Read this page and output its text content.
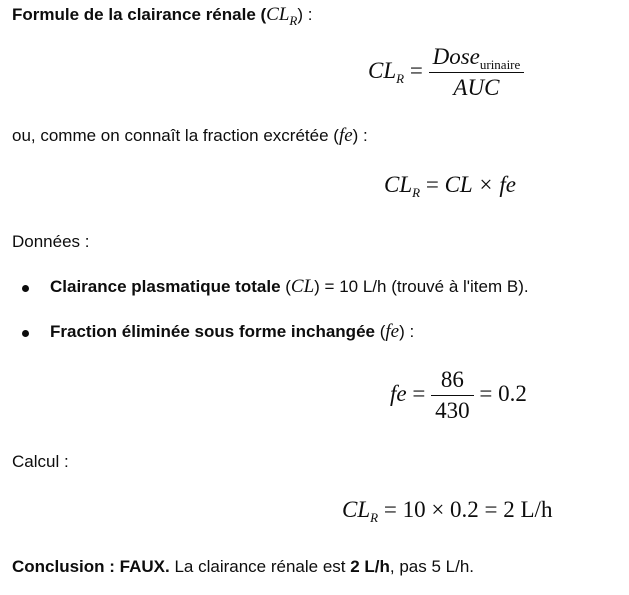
Formule de la clairance rénale $(CL_R)$ :
$CL_R = \frac{Dose_{urinaire}}{\text{AUC}}$
ou, comme on connaît la fraction excrétée (fe) :
$CL_R$ = CL × fe
Données :
Clairance plasmatique totale (CL) = 10 L/h (trouvé à l'item B).
Fraction éliminée sous forme inchangée (fe) :
fe = $\frac{86}{430} = 0.2$
Calcul :
$CL_R = 10 \times 0.2 = 2$ L/h
Conclusion : FAUX. La clairance rénale est 2 L/h, pas 5 L/h.
